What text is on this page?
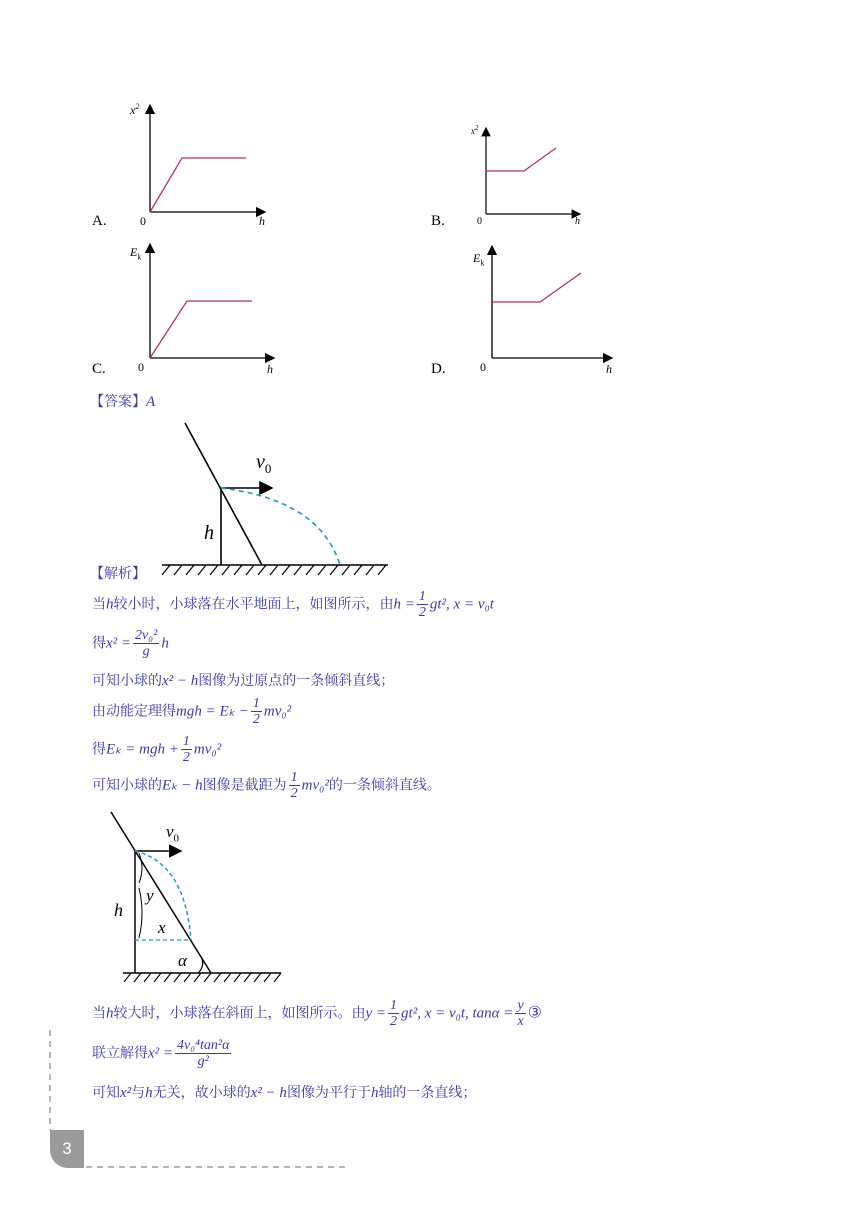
A.
$x^2$
0	h	B.
$x^2$
0	h
C.
$E_k$
0	h	D.
$E_k$
0	h
【答案】A
$v_0$
h
【解析】
当h较小时，小球落在水平地面上，如图所示，由$h = \frac{1}{2} gt^2$, x = v₀t
得$x^2 = \frac{\text{2v₀²}}{g}$ h
可知小球的x² − h图像为过原点的一条倾斜直线；
由动能定理得mgh = $E_k - \frac{1}{2} mv_0^2$
得Eₖ = mgh + $\frac{1}{2} mv_0^2$
可知小球的Eₖ − h图像是截距为 $\frac{1}{2} mv_0^2$的一条倾斜直线。
$v_0$
h
y
x
α
当h较大时，小球落在斜面上，如图所示。由$y = \frac{1}{2} gt^2$, x = v₀t, $\tan\alpha = \frac{y}{x}$ ③
联立解得$x^2 = \frac{\text{4v₀⁴tan²α}}{\text{g²}}$
可知x²与h无关，故小球的x² − h图像为平行于h轴的一条直线；
3
